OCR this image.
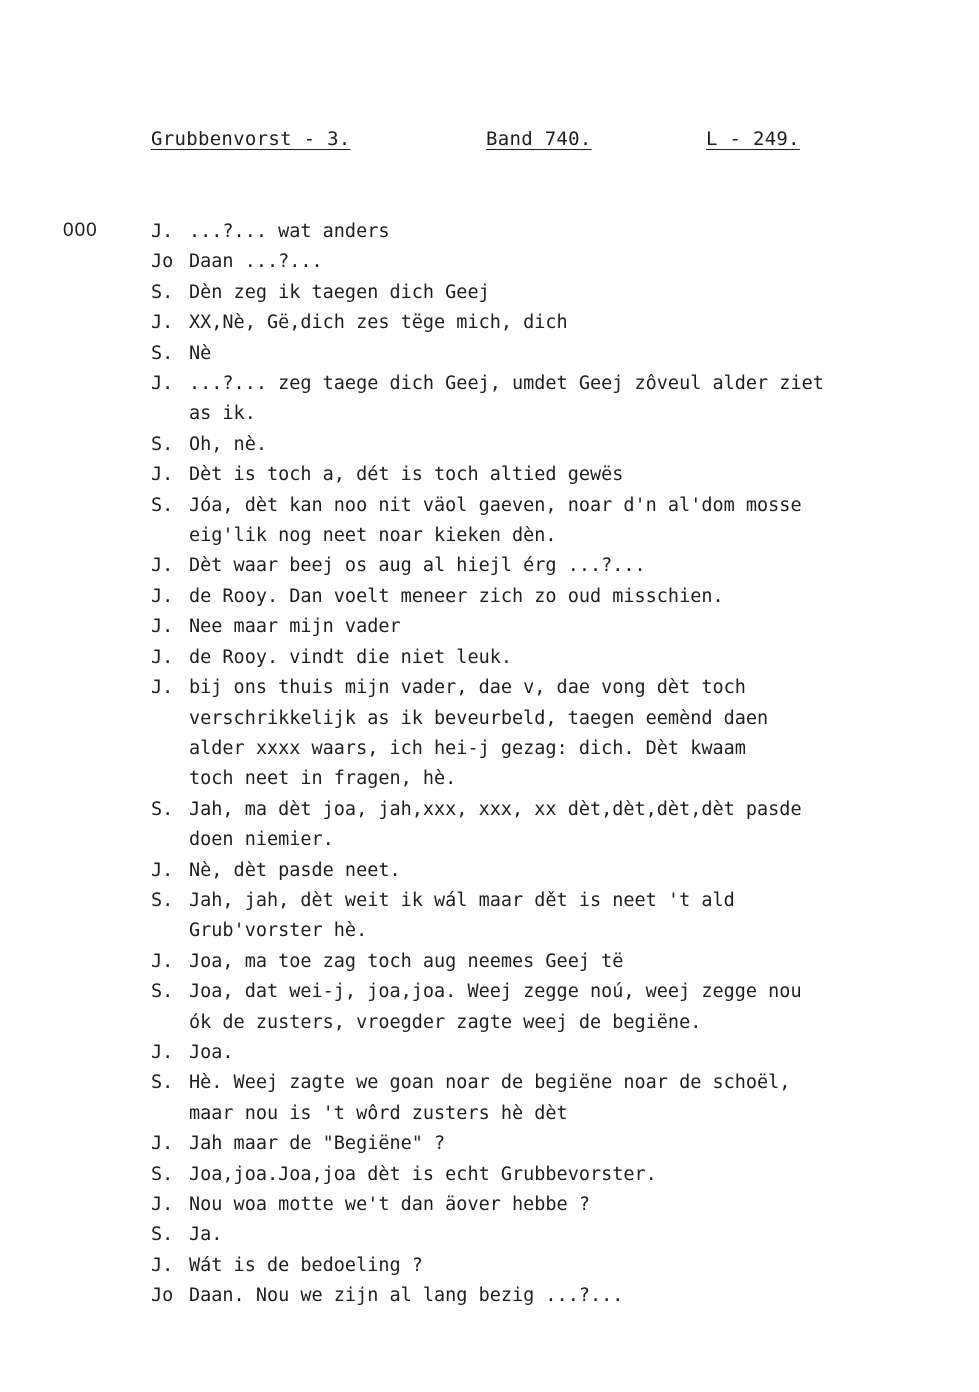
Grubbenvorst - 3.	Band 740.	L - 249.
000	J. ...?... wat anders
Jo Daan ...?...
S. Dèn zeg ik taegen dich Geej
J. XX,Nè, Gë,dich zes tëge mich, dich
S. Nè
J. ...?... zeg taege dich Geej, umdet Geej zôveul alder ziet
as ik.
S. Oh, nè.
J. Dèt is toch a, dét is toch altied gewës
S. Jóa, dèt kan noo nit väol gaeven, noar d'n al'dom mosse
eig'lik nog neet noar kieken dèn.
J. Dèt waar beej os aug al hiejl érg ...?...
J. de Rooy. Dan voelt meneer zich zo oud misschien.
J. Nee maar mijn vader
J. de Rooy. vindt die niet leuk.
J. bij ons thuis mijn vader, dae v, dae vong dèt toch
verschrikkelijk as ik beveurbeld, taegen eemènd daen
alder xxxx waars, ich hei-j gezag: dich. Dèt kwaam
toch neet in fragen, hè.
S. Jah, ma dèt joa, jah,xxx, xxx, xx dèt,dèt,dèt,dèt pasde
doen niemier.
J. Nè, dèt pasde neet.
S. Jah, jah, dèt weit ik wál maar dět is neet 't ald
Grub'vorster hè.
J. Joa, ma toe zag toch aug neemes Geej të
S. Joa, dat wei-j, joa,joa. Weej zegge noú, weej zegge nou
ók de zusters, vroegder zagte weej de begiëne.
J. Joa.
S. Hè. Weej zagte we goan noar de begiëne noar de schoël,
maar nou is 't wôrd zusters hè dèt
J. Jah maar de "Begiëne" ?
S. Joa,joa.Joa,joa dèt is echt Grubbevorster.
J. Nou woa motte we't dan äover hebbe ?
S. Ja.
J. Wát is de bedoeling ?
Jo Daan. Nou we zijn al lang bezig ...?...
